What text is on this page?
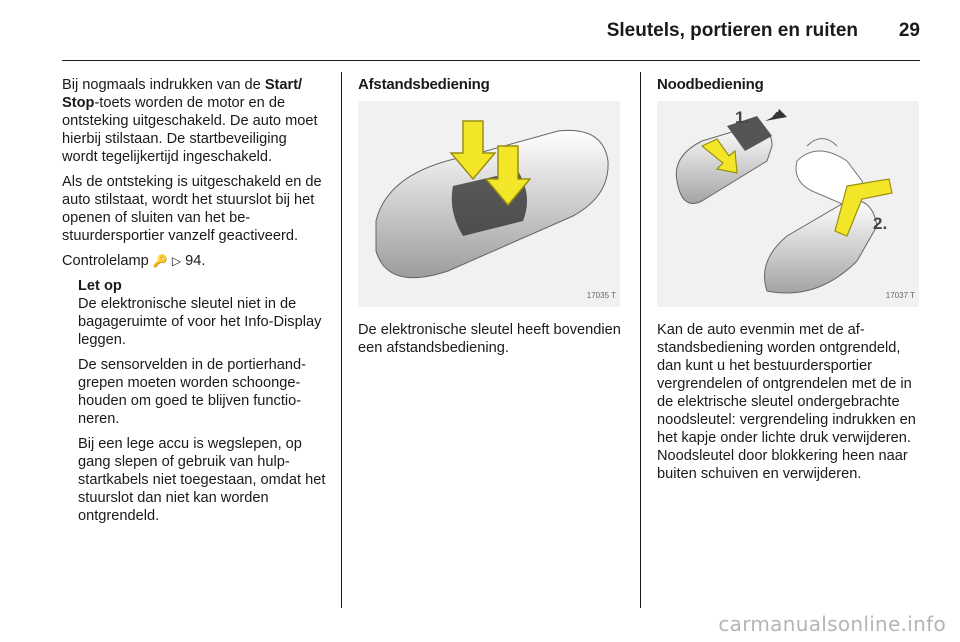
Sleutels, portieren en ruiten 29

Bij nogmaals indrukken van de Start/ Stop-toets worden de motor en de ontsteking uitgeschakeld. De auto moet hierbij stilstaan. De startbeveiliging wordt tegelijkertijd ingeschakeld.

Als de ontsteking is uitgeschakeld en de auto stilstaat, wordt het stuurslot bij het openen of sluiten van het bestuurdersportier vanzelf geactiveerd.

Controlelamp 🔑 ▷ 94.

Let op

De elektronische sleutel niet in de bagageruimte of voor het Info-Display leggen.

De sensorvelden in de portierhandgrepen moeten worden schoongehouden om goed te blijven functioneren.

Bij een lege accu is wegslepen, op gang slepen of gebruik van hulpstartkabels niet toegestaan, omdat het stuurslot dan niet kan worden ontgrendeld.

Afstandsbediening

17035 T

De elektronische sleutel heeft bovendien een afstandsbediening.

Noodbediening

1.
2.
17037 T

Kan de auto evenmin met de afstandsbediening worden ontgrendeld, dan kunt u het bestuurdersportier vergrendelen of ontgrendelen met de in de elektrische sleutel ondergebrachte noodsleutel: vergrendeling indrukken en het kapje onder lichte druk verwijderen. Noodsleutel door blokkering heen naar buiten schuiven en verwijderen.

carmanualsonline.info
